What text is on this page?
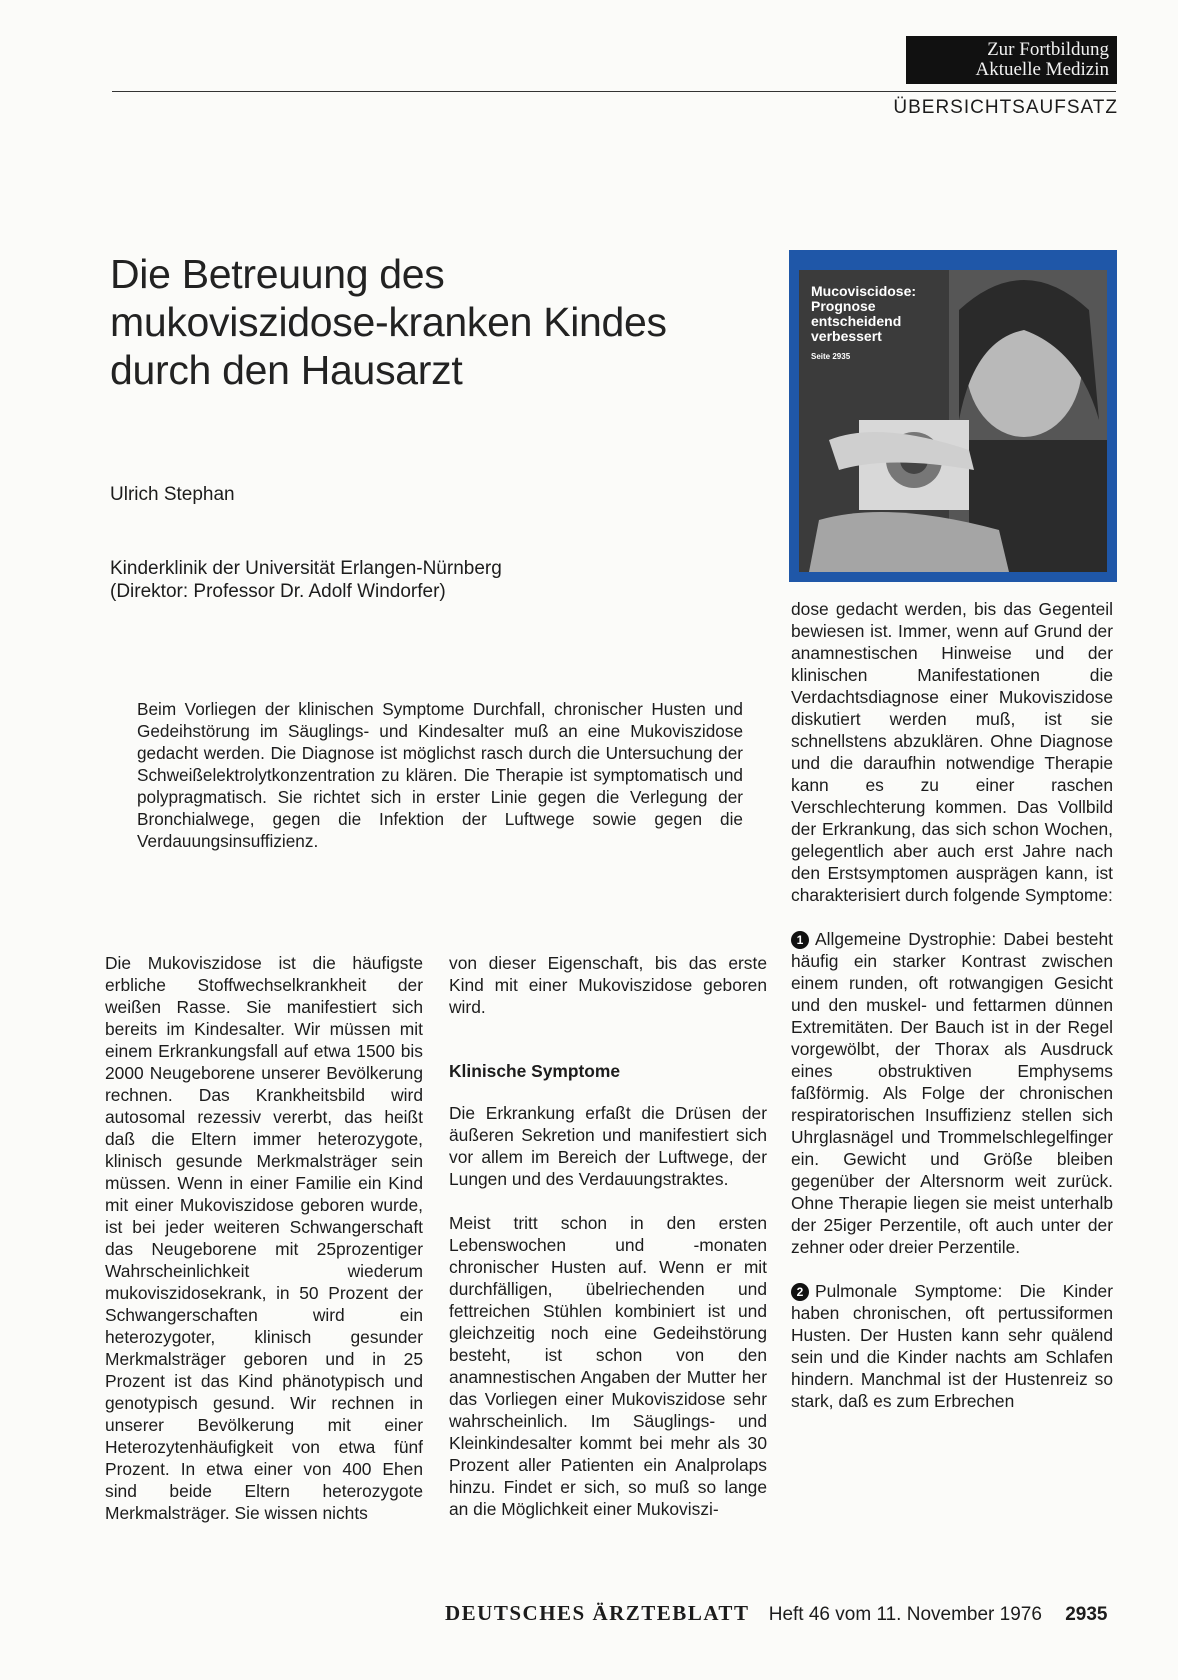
Zur Fortbildung
Aktuelle Medizin
ÜBERSICHTSAUFSATZ
Die Betreuung des
mukoviszidose-kranken Kindes
durch den Hausarzt
Ulrich Stephan
Kinderklinik der Universität Erlangen-Nürnberg
(Direktor: Professor Dr. Adolf Windorfer)
Mucoviscidose:
Prognose
entscheidend
verbessert
Seite 2935
Beim Vorliegen der klinischen Symptome Durchfall, chronischer Husten und Gedeihstörung im Säuglings- und Kindesalter muß an eine Mukoviszidose gedacht werden. Die Diagnose ist möglichst rasch durch die Untersuchung der Schweißelektrolytkonzentration zu klären. Die Therapie ist symptomatisch und polypragmatisch. Sie richtet sich in erster Linie gegen die Verlegung der Bronchialwege, gegen die Infektion der Luftwege sowie gegen die Verdauungsinsuffizienz.

Die Mukoviszidose ist die häufigste erbliche Stoffwechselkrankheit der weißen Rasse. Sie manifestiert sich bereits im Kindesalter. Wir müssen mit einem Erkrankungsfall auf etwa 1500 bis 2000 Neugeborene unserer Bevölkerung rechnen. Das Krankheitsbild wird autosomal rezessiv vererbt, das heißt daß die Eltern immer heterozygote, klinisch gesunde Merkmalsträger sein müssen. Wenn in einer Familie ein Kind mit einer Mukoviszidose geboren wurde, ist bei jeder weiteren Schwangerschaft das Neugeborene mit 25prozentiger Wahrscheinlichkeit wiederum mukoviszidosekrank, in 50 Prozent der Schwangerschaften wird ein heterozygoter, klinisch gesunder Merkmalsträger geboren und in 25 Prozent ist das Kind phänotypisch und genotypisch gesund. Wir rechnen in unserer Bevölkerung mit einer Heterozytenhäufigkeit von etwa fünf Prozent. In etwa einer von 400 Ehen sind beide Eltern heterozygote Merkmalsträger. Sie wissen nichts

von dieser Eigenschaft, bis das erste Kind mit einer Mukoviszidose geboren wird.

Klinische Symptome

Die Erkrankung erfaßt die Drüsen der äußeren Sekretion und manifestiert sich vor allem im Bereich der Luftwege, der Lungen und des Verdauungstraktes.

Meist tritt schon in den ersten Lebenswochen und -monaten chronischer Husten auf. Wenn er mit durchfälligen, übelriechenden und fettreichen Stühlen kombiniert ist und gleichzeitig noch eine Gedeihstörung besteht, ist schon von den anamnestischen Angaben der Mutter her das Vorliegen einer Mukoviszidose sehr wahrscheinlich. Im Säuglings- und Kleinkindesalter kommt bei mehr als 30 Prozent aller Patienten ein Analprolaps hinzu. Findet er sich, so muß so lange an die Möglichkeit einer Mukoviszi-

dose gedacht werden, bis das Gegenteil bewiesen ist. Immer, wenn auf Grund der anamnestischen Hinweise und der klinischen Manifestationen die Verdachtsdiagnose einer Mukoviszidose diskutiert werden muß, ist sie schnellstens abzuklären. Ohne Diagnose und die daraufhin notwendige Therapie kann es zu einer raschen Verschlechterung kommen. Das Vollbild der Erkrankung, das sich schon Wochen, gelegentlich aber auch erst Jahre nach den Erstsymptomen ausprägen kann, ist charakterisiert durch folgende Symptome:

1 Allgemeine Dystrophie: Dabei besteht häufig ein starker Kontrast zwischen einem runden, oft rotwangigen Gesicht und den muskel- und fettarmen dünnen Extremitäten. Der Bauch ist in der Regel vorgewölbt, der Thorax als Ausdruck eines obstruktiven Emphysems faßförmig. Als Folge der chronischen respiratorischen Insuffizienz stellen sich Uhrglasnägel und Trommelschlegelfinger ein. Gewicht und Größe bleiben gegenüber der Altersnorm weit zurück. Ohne Therapie liegen sie meist unterhalb der 25iger Perzentile, oft auch unter der zehner oder dreier Perzentile.

2 Pulmonale Symptome: Die Kinder haben chronischen, oft pertussiformen Husten. Der Husten kann sehr quälend sein und die Kinder nachts am Schlafen hindern. Manchmal ist der Hustenreiz so stark, daß es zum Erbrechen

DEUTSCHES ÄRZTEBLATT Heft 46 vom 11. November 1976 2935
